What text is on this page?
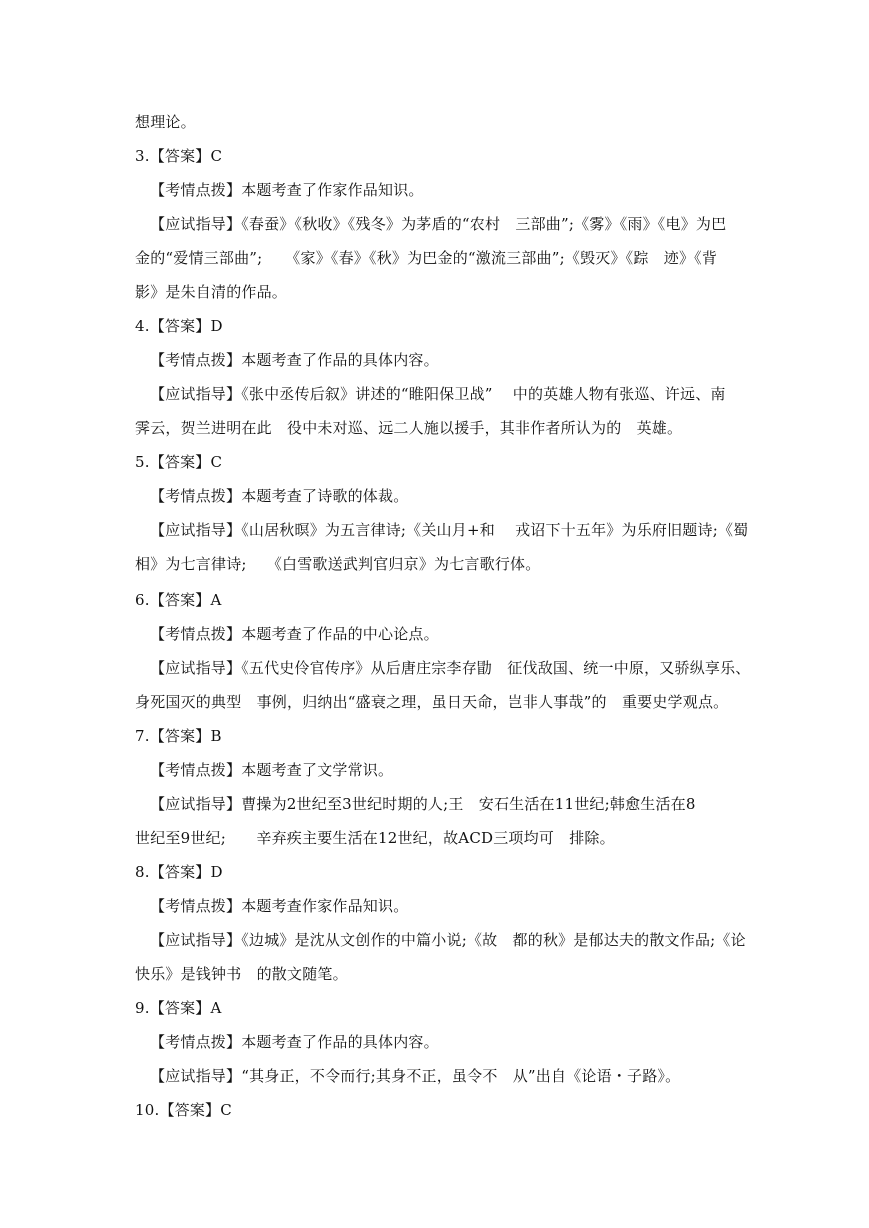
想理论。
3.【答案】C
【考情点拨】本题考查了作家作品知识。
【应试指导】《春蚕》《秋收》《残冬》为茅盾的“农村　三部曲”;《雾》《雨》《电》为巴
金的“爱情三部曲”;　　《家》《春》《秋》为巴金的“激流三部曲”;《毁灭》《踪　迹》《背
影》是朱自清的作品。
4.【答案】D
【考情点拨】本题考查了作品的具体内容。
【应试指导】《张中丞传后叙》讲述的“睢阳保卫战”　 中的英雄人物有张巡、许远、南
霁云，贺兰进明在此　役中未对巡、远二人施以援手，其非作者所认为的　英雄。
5.【答案】C
【考情点拨】本题考查了诗歌的体裁。
【应试指导】《山居秋暝》为五言律诗;《关山月+和　 戎诏下十五年》为乐府旧题诗;《蜀
相》为七言律诗;　 《白雪歌送武判官归京》为七言歌行体。
6.【答案】A
【考情点拨】本题考查了作品的中心论点。
【应试指导】《五代史伶官传序》从后唐庄宗李存勖　征伐敌国、统一中原，又骄纵享乐、
身死国灭的典型　事例，归纳出“盛衰之理，虽日天命，岂非人事哉”的　重要史学观点。
7.【答案】B
【考情点拨】本题考查了文学常识。
【应试指导】曹操为2世纪至3世纪时期的人;王　安石生活在11世纪;韩愈生活在8
世纪至9世纪;　　辛弃疾主要生活在12世纪，故ACD三项均可　排除。
8.【答案】D
【考情点拨】本题考查作家作品知识。
【应试指导】《边城》是沈从文创作的中篇小说;《故　都的秋》是郁达夫的散文作品;《论
快乐》是钱钟书　的散文随笔。
9.【答案】A
【考情点拨】本题考查了作品的具体内容。
【应试指导】“其身正，不令而行;其身不正，虽令不　从”出自《论语・子路》。
10.【答案】C
